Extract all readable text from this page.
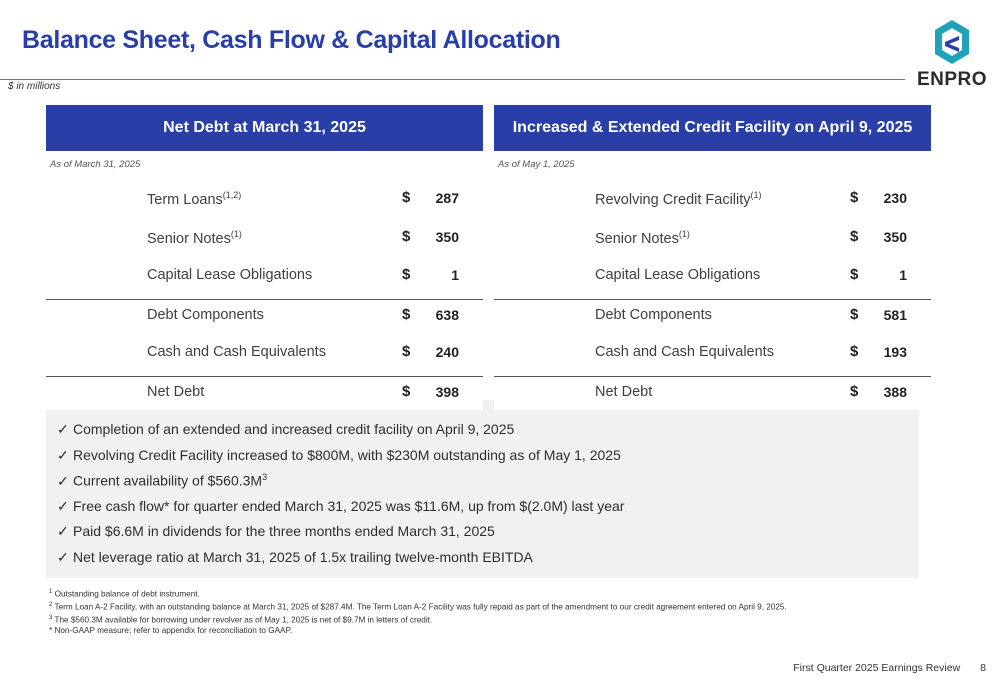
Balance Sheet, Cash Flow & Capital Allocation
$ in millions	ENPRO
Net Debt at March 31, 2025
As of March 31, 2025
Term Loans$^{(1,2)}$	$ 287
Senior Notes$^{(1)}$	$ 350
Capital Lease Obligations	$	1
Debt Components	$ 638
Cash and Cash Equivalents	$ 240
Net Debt	$ 398
Increased & Extended Credit Facility on April 9, 2025
As of May 1, 2025
Revolving Credit Facility$^{(1)}$	$ 230
Senior Notes$^{(1)}$	$ 350
Capital Lease Obligations	$	1
Debt Components	$ 581
Cash and Cash Equivalents	$ 193
Net Debt	$ 388
✓ Completion of an extended and increased credit facility on April 9, 2025
✓ Revolving Credit Facility increased to $800M, with $230M outstanding as of May 1, 2025
✓ Current availability of $\$560.3M^3$
✓ Free cash flow* for quarter ended March 31, 2025 was $11.6M, up from $(2.0M) last year
✓ Paid $6.6M in dividends for the three months ended March 31, 2025
✓ Net leverage ratio at March 31, 2025 of 1.5x trailing twelve-month EBITDA
$^1$ Outstanding balance of debt instrument.
$^2$ Term Loan A-2 Facility, with an outstanding balance at March 31, 2025 of $287.4M. The Term Loan A-2 Facility was fully repaid as part of the amendment to our credit agreement entered on April 9, 2025.
$^3$ The $560.3M available for borrowing under revolver as of May 1, 2025 is net of $9.7M in letters of credit.
* Non-GAAP measure; refer to appendix for reconciliation to GAAP.
First Quarter 2025 Earnings Review 8
